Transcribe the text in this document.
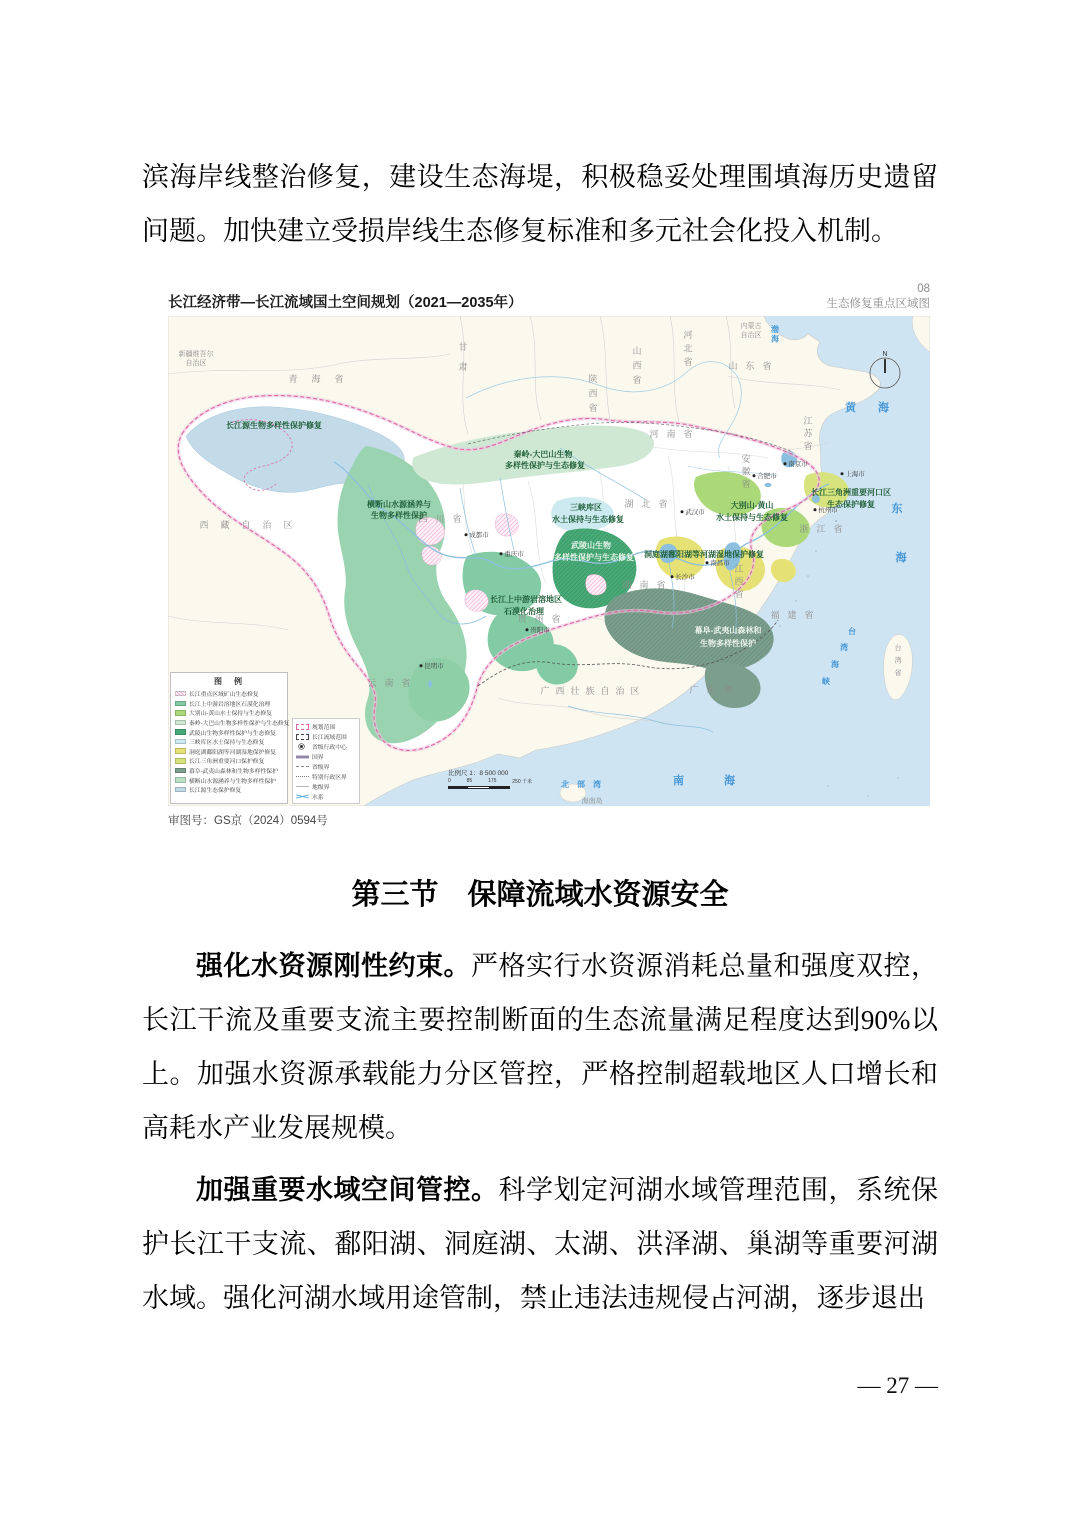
滨海岸线整治修复，建设生态海堤，积极稳妥处理围填海历史遗留问题。加快建立受损岸线生态修复标准和多元社会化投入机制。

长江经济带—长江流域国土空间规划（2021—2035年）
08
生态修复重点区域图
N
新疆维吾尔
自治区
青海省
西藏自治区
四川省
甘肃
陕西省
山西省
河北省
内蒙古
自治区
山东省
河南省
江苏省
安徽省
湖北省
湖南省
江西省
浙江省
福建省
广东省
广西壮族自治区
贵州省
云南省
台湾省
海南岛
渤海
黄海
东
海
台
湾
海
峡
南海
北部湾
长江源生物多样性保护修复
横断山水源涵养与
生物多样性保护
秦岭-大巴山生物
多样性保护与生态修复
三峡库区
水土保持与生态修复
武陵山生物
多样性保护与生态修复 洞庭湖鄱阳湖等河湖湿地保护修复
长江上中游岩溶地区
石漠化治理
大别山-黄山
水土保持与生态修复
长江三角洲重要河口区
生态保护修复
幕阜-武夷山森林和
生物多样性保护
成都市
重庆市
武汉市
长沙市
南昌市
合肥市
南京市
上海市
杭州市
贵阳市
昆明市
图　例
长江重点区域矿山生态修复
长江上中游岩溶地区石漠化治理
大别山-黄山水土保持与生态修复
秦岭-大巴山生物多样性保护与生态修复
武陵山生物多样性保护与生态修复
三峡库区水土保持与生态修复
洞庭湖鄱阳湖等河湖湿地保护修复
长江三角洲重要河口保护修复
幕阜-武夷山森林和生物多样性保护
横断山水源涵养与生物多样性保护
长江源生态保护修复
规划范围
长江流域范围
省级行政中心
国界
省级界
特别行政区界
地级界
水系
比例尺 1：8 500 000
0	85	175	250 千米
审图号：GS京（2024）0594号
第三节　保障流域水资源安全

强化水资源刚性约束。严格实行水资源消耗总量和强度双控，长江干流及重要支流主要控制断面的生态流量满足程度达到90%以上。加强水资源承载能力分区管控，严格控制超载地区人口增长和高耗水产业发展规模。

加强重要水域空间管控。科学划定河湖水域管理范围，系统保护长江干支流、鄱阳湖、洞庭湖、太湖、洪泽湖、巢湖等重要河湖水域。强化河湖水域用途管制，禁止违法违规侵占河湖，逐步退出

— 27 —
